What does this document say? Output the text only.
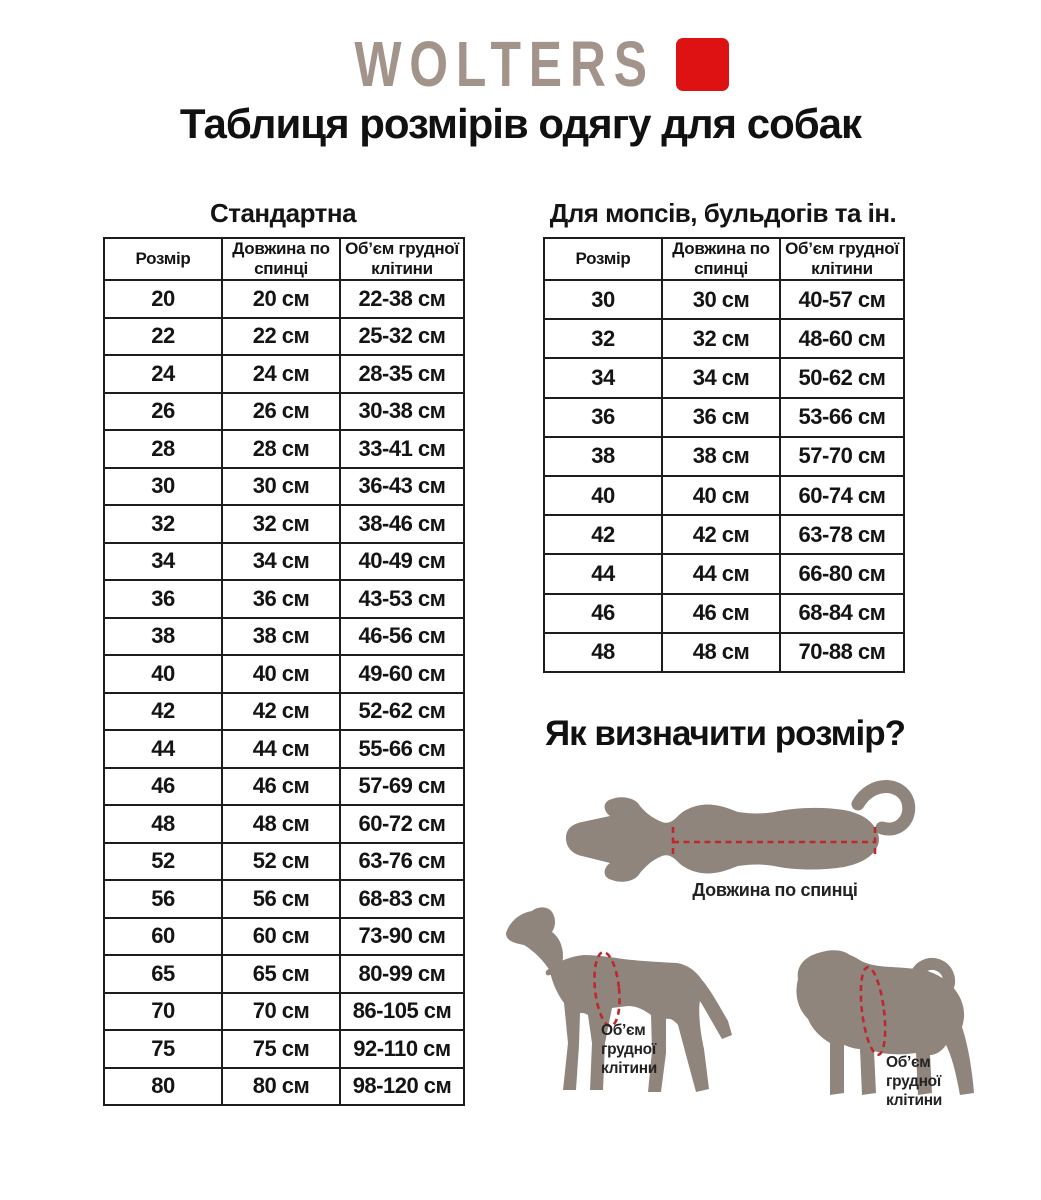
WOLTERS
Таблиця розмірів одягу для собак
Стандартна
Розмір	Довжина по спинці	Об’єм грудної клітини
20	20 см	22-38 см
22	22 см	25-32 см
24	24 см	28-35 см
26	26 см	30-38 см
28	28 см	33-41 см
30	30 см	36-43 см
32	32 см	38-46 см
34	34 см	40-49 см
36	36 см	43-53 см
38	38 см	46-56 см
40	40 см	49-60 см
42	42 см	52-62 см
44	44 см	55-66 см
46	46 см	57-69 см
48	48 см	60-72 см
52	52 см	63-76 см
56	56 см	68-83 см
60	60 см	73-90 см
65	65 см	80-99 см
70	70 см	86-105 см
75	75 см	92-110 см
80	80 см	98-120 см
Для мопсів, бульдогів та ін.
Розмір	Довжина по спинці	Об’єм грудної клітини
30	30 см	40-57 см
32	32 см	48-60 см
34	34 см	50-62 см
36	36 см	53-66 см
38	38 см	57-70 см
40	40 см	60-74 см
42	42 см	63-78 см
44	44 см	66-80 см
46	46 см	68-84 см
48	48 см	70-88 см
Як визначити розмір?
Довжина по спинці
Об’єм грудної клітини	Об’єм грудної клітини
